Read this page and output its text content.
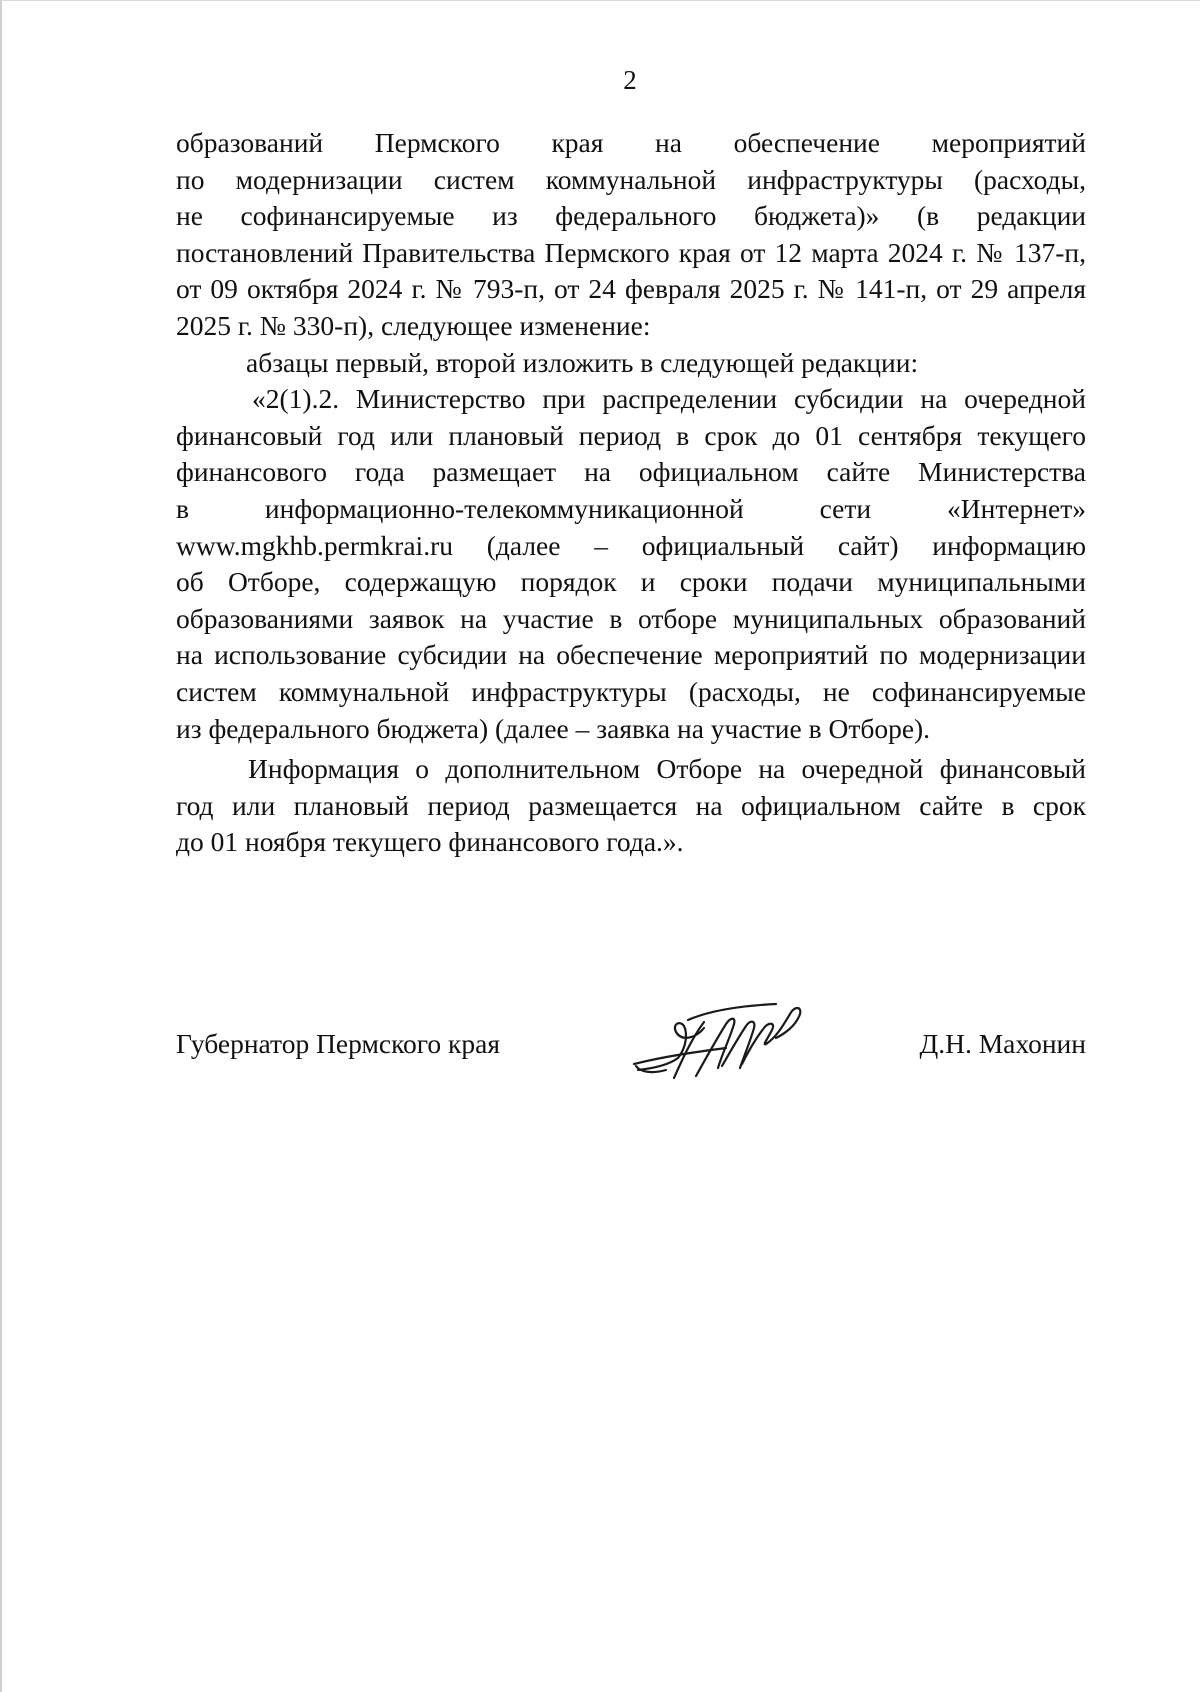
2

образований Пермского края на обеспечение мероприятий
по модернизации систем коммунальной инфраструктуры (расходы,
не софинансируемые из федерального бюджета)» (в редакции
постановлений Правительства Пермского края от 12 марта 2024 г. № 137-п,
от 09 октября 2024 г. № 793-п, от 24 февраля 2025 г. № 141-п, от 29 апреля
2025 г. № 330-п), следующее изменение:

абзацы первый, второй изложить в следующей редакции:

«2(1).2. Министерство при распределении субсидии на очередной
финансовый год или плановый период в срок до 01 сентября текущего
финансового года размещает на официальном сайте Министерства
в информационно-телекоммуникационной сети «Интернет»
www.mgkhb.permkrai.ru (далее – официальный сайт) информацию
об Отборе, содержащую порядок и сроки подачи муниципальными
образованиями заявок на участие в отборе муниципальных образований
на использование субсидии на обеспечение мероприятий по модернизации
систем коммунальной инфраструктуры (расходы, не софинансируемые
из федерального бюджета) (далее – заявка на участие в Отборе).

Информация о дополнительном Отборе на очередной финансовый
год или плановый период размещается на официальном сайте в срок
до 01 ноября текущего финансового года.».

Губернатор Пермского края	Д.Н. Махонин
